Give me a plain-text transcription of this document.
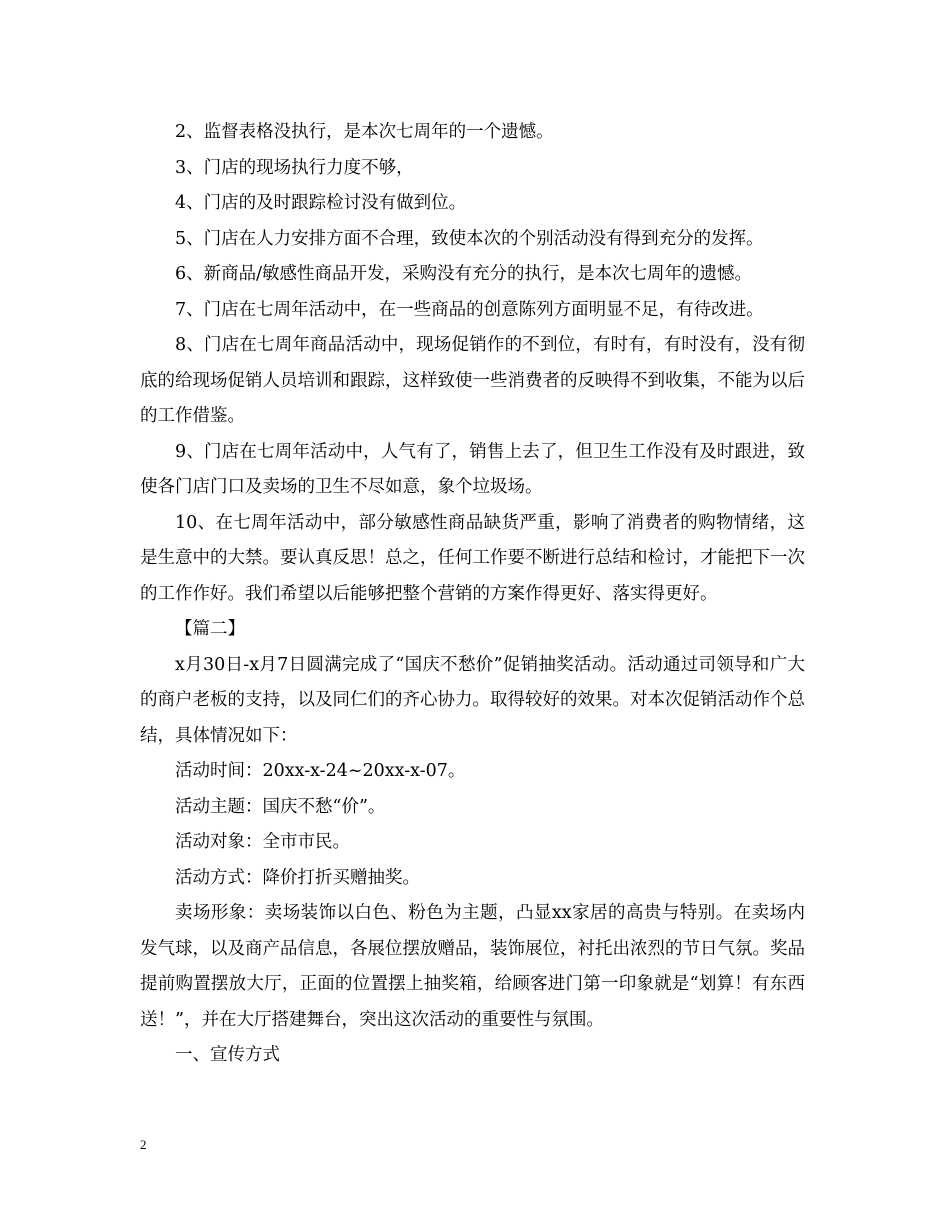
2、监督表格没执行，是本次七周年的一个遗憾。

3、门店的现场执行力度不够，

4、门店的及时跟踪检讨没有做到位。

5、门店在人力安排方面不合理，致使本次的个别活动没有得到充分的发挥。

6、新商品/敏感性商品开发，采购没有充分的执行，是本次七周年的遗憾。

7、门店在七周年活动中，在一些商品的创意陈列方面明显不足，有待改进。

8、门店在七周年商品活动中，现场促销作的不到位，有时有，有时没有，没有彻底的给现场促销人员培训和跟踪，这样致使一些消费者的反映得不到收集，不能为以后的工作借鉴。

9、门店在七周年活动中，人气有了，销售上去了，但卫生工作没有及时跟进，致使各门店门口及卖场的卫生不尽如意，象个垃圾场。

10、在七周年活动中，部分敏感性商品缺货严重，影响了消费者的购物情绪，这是生意中的大禁。要认真反思！总之，任何工作要不断进行总结和检讨，才能把下一次的工作作好。我们希望以后能够把整个营销的方案作得更好、落实得更好。

【篇二】

x月30日-x月7日圆满完成了“国庆不愁价”促销抽奖活动。活动通过司领导和广大的商户老板的支持，以及同仁们的齐心协力。取得较好的效果。对本次促销活动作个总结，具体情况如下：

活动时间：20xx-x-24~20xx-x-07。

活动主题：国庆不愁“价”。

活动对象：全市市民。

活动方式：降价打折买赠抽奖。

卖场形象：卖场装饰以白色、粉色为主题，凸显xx家居的高贵与特别。在卖场内发气球，以及商产品信息，各展位摆放赠品，装饰展位，衬托出浓烈的节日气氛。奖品提前购置摆放大厅，正面的位置摆上抽奖箱，给顾客进门第一印象就是“划算！有东西送！”，并在大厅搭建舞台，突出这次活动的重要性与氛围。

一、宣传方式

2
